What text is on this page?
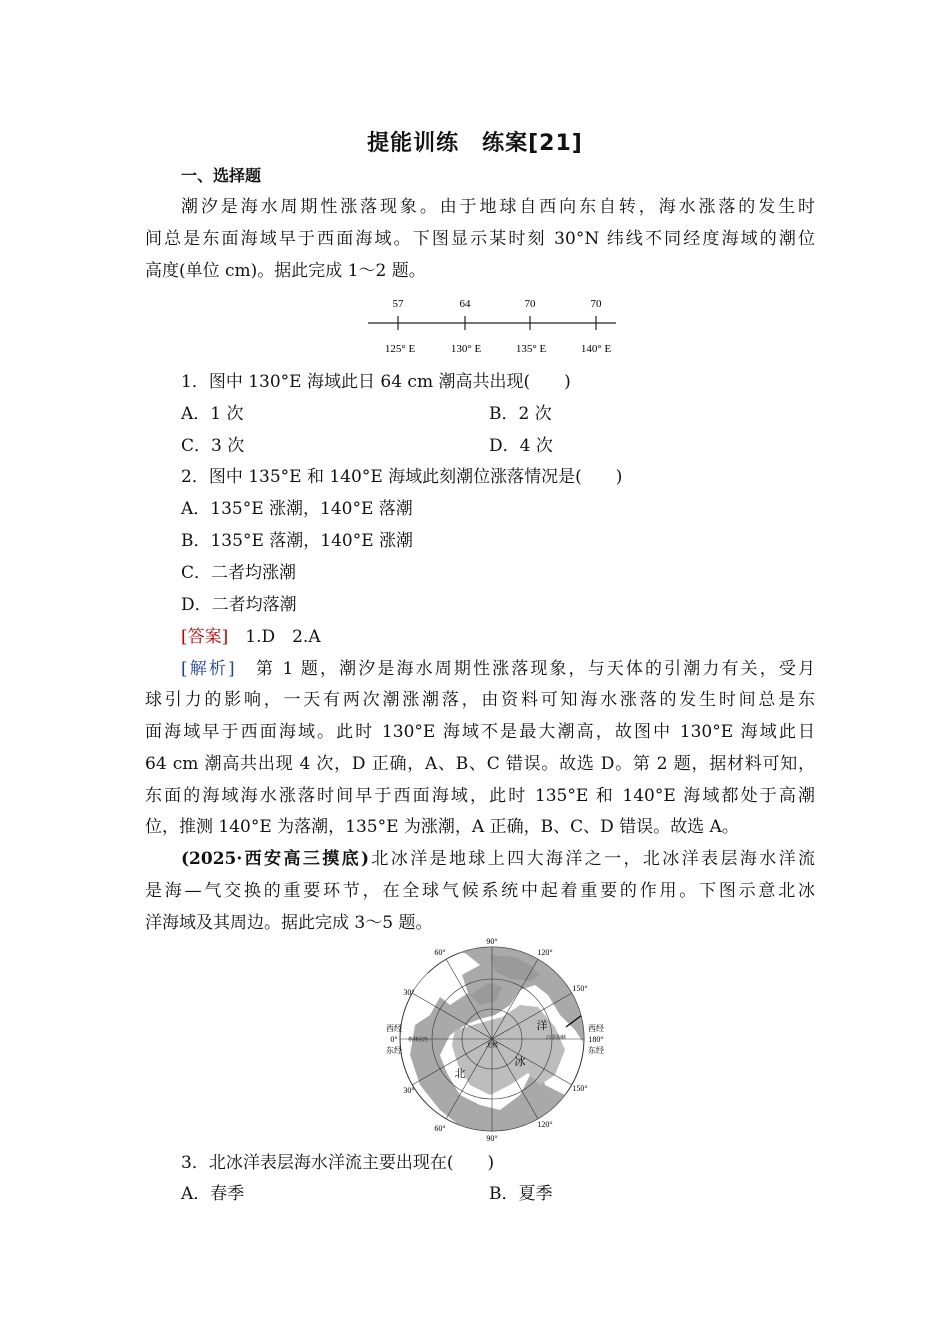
提能训练　练案[21]
一、选择题
潮汐是海水周期性涨落现象。由于地球自西向东自转，海水涨落的发生时
间总是东面海域早于西面海域。下图显示某时刻 30°N 纬线不同经度海域的潮位
高度(单位 cm)。据此完成 1～2 题。
57	64	70	70
125° E	130° E	135° E	140° E
1．图中 130°E 海域此日 64 cm 潮高共出现(　　)
A．1 次	B．2 次
C．3 次	D．4 次
2．图中 135°E 和 140°E 海域此刻潮位涨落情况是(　　)
A．135°E 涨潮，140°E 落潮
B．135°E 落潮，140°E 涨潮
C．二者均涨潮
D．二者均落潮
[答案]　1.D　2.A
[解析]　第 1 题，潮汐是海水周期性涨落现象，与天体的引潮力有关，受月
球引力的影响，一天有两次潮涨潮落，由资料可知海水涨落的发生时间总是东
面海域早于西面海域。此时 130°E 海域不是最大潮高，故图中 130°E 海域此日
64 cm 潮高共出现 4 次，D 正确，A、B、C 错误。故选 D。第 2 题，据材料可知，
东面的海域海水涨落时间早于西面海域，此时 135°E 和 140°E 海域都处于高潮
位，推测 140°E 为落潮，135°E 为涨潮，A 正确，B、C、D 错误。故选 A。
(2025·西安高三摸底)北冰洋是地球上四大海洋之一，北冰洋表层海水洋流
是海—气交换的重要环节，在全球气候系统中起着重要的作用。下图示意北冰
洋海域及其周边。据此完成 3～5 题。
90°
90°
60°
60°
120°
120°
30°
30°
150°
150°
西经
0°
东经
西经
180°
东经
北
冰
洋
北极
白令海峡
格林尼治
3．北冰洋表层海水洋流主要出现在(　　)
A．春季	B．夏季
